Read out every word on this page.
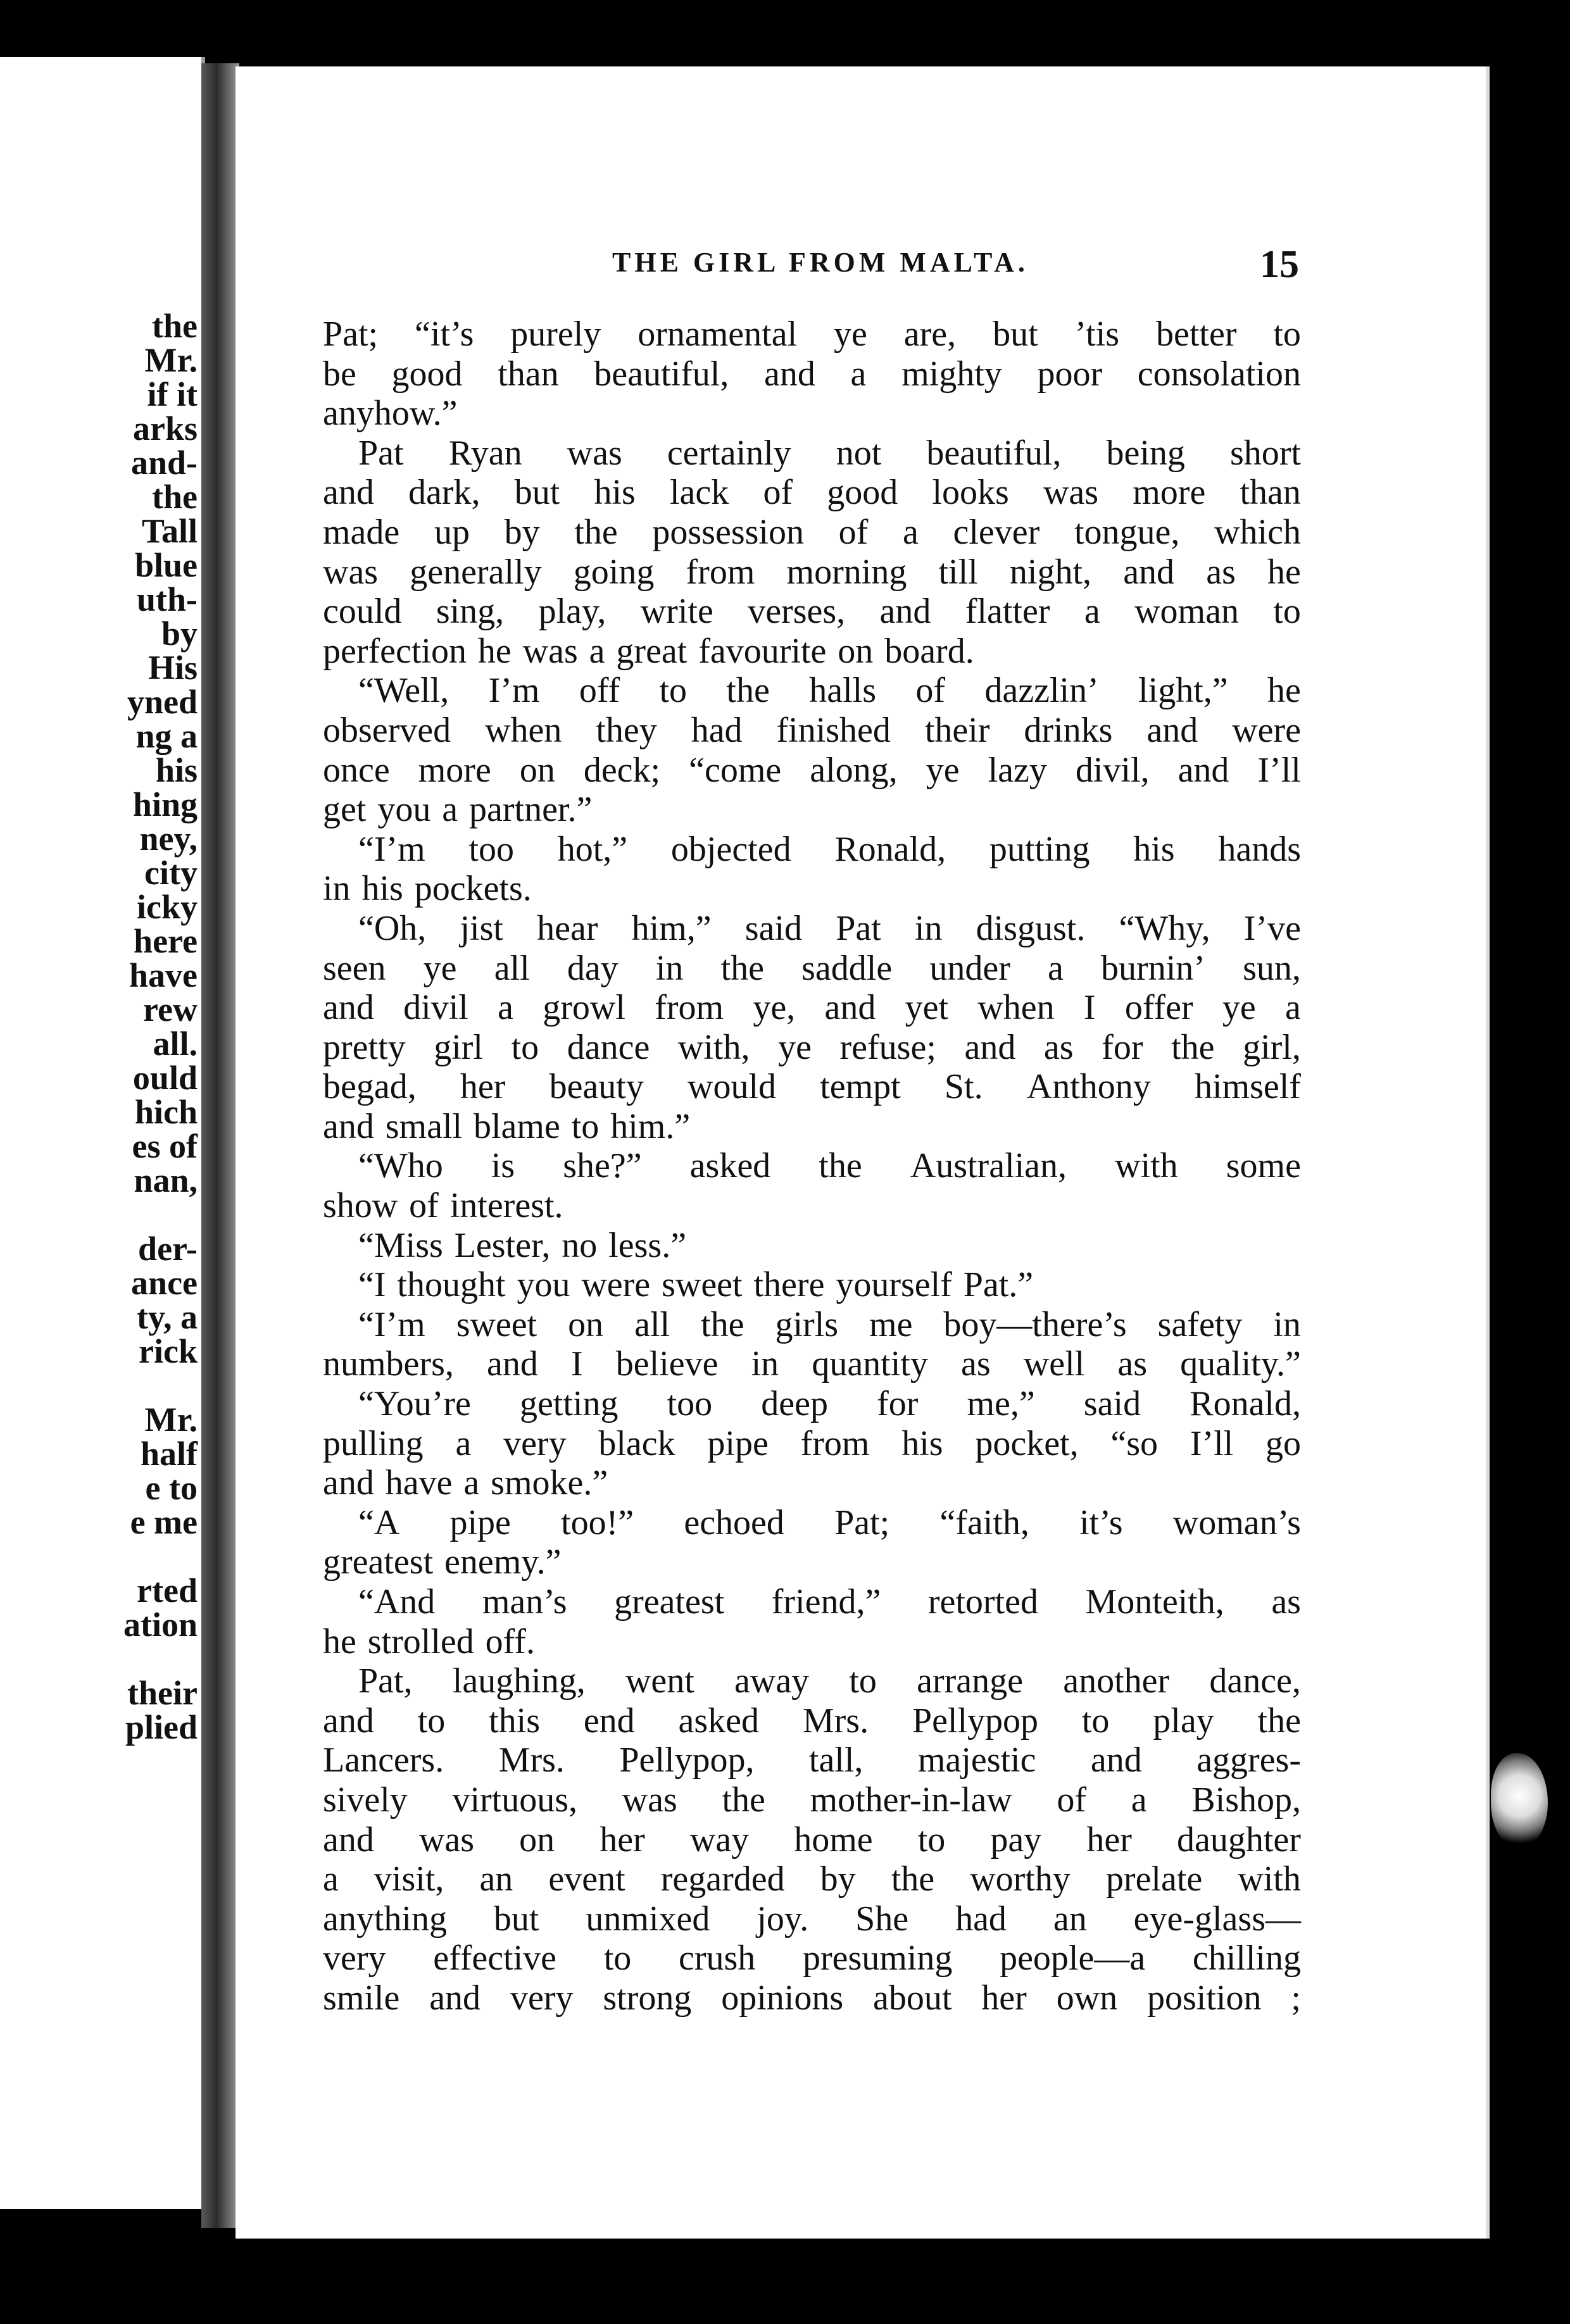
the
Mr.
if it
arks
and-
the
Tall
blue
uth-
by
His
yned
ng a
his
hing
ney,
city
icky
here
have
rew
all.
ould
hich
es of
nan,
der-
ance
ty, a
rick
Mr.
half
e to
e me
rted
ation
their
plied
THE GIRL FROM MALTA.	15
Pat; “it’s purely ornamental ye are, but ’tis better to
be good than beautiful, and a mighty poor consolation
anyhow.”
Pat Ryan was certainly not beautiful, being short
and dark, but his lack of good looks was more than
made up by the possession of a clever tongue, which
was generally going from morning till night, and as he
could sing, play, write verses, and flatter a woman to
perfection he was a great favourite on board.
“Well, I’m off to the halls of dazzlin’ light,” he
observed when they had finished their drinks and were
once more on deck; “come along, ye lazy divil, and I’ll
get you a partner.”
“I’m too hot,” objected Ronald, putting his hands
in his pockets.
“Oh, jist hear him,” said Pat in disgust. “Why, I’ve
seen ye all day in the saddle under a burnin’ sun,
and divil a growl from ye, and yet when I offer ye a
pretty girl to dance with, ye refuse; and as for the girl,
begad, her beauty would tempt St. Anthony himself
and small blame to him.”
“Who is she?” asked the Australian, with some
show of interest.
“Miss Lester, no less.”
“I thought you were sweet there yourself Pat.”
“I’m sweet on all the girls me boy—there’s safety in
numbers, and I believe in quantity as well as quality.”
“You’re getting too deep for me,” said Ronald,
pulling a very black pipe from his pocket, “so I’ll go
and have a smoke.”
“A pipe too!” echoed Pat; “faith, it’s woman’s
greatest enemy.”
“And man’s greatest friend,” retorted Monteith, as
he strolled off.
Pat, laughing, went away to arrange another dance,
and to this end asked Mrs. Pellypop to play the
Lancers. Mrs. Pellypop, tall, majestic and aggres-
sively virtuous, was the mother-in-law of a Bishop,
and was on her way home to pay her daughter
a visit, an event regarded by the worthy prelate with
anything but unmixed joy. She had an eye-glass—
very effective to crush presuming people—a chilling
smile and very strong opinions about her own position ;
